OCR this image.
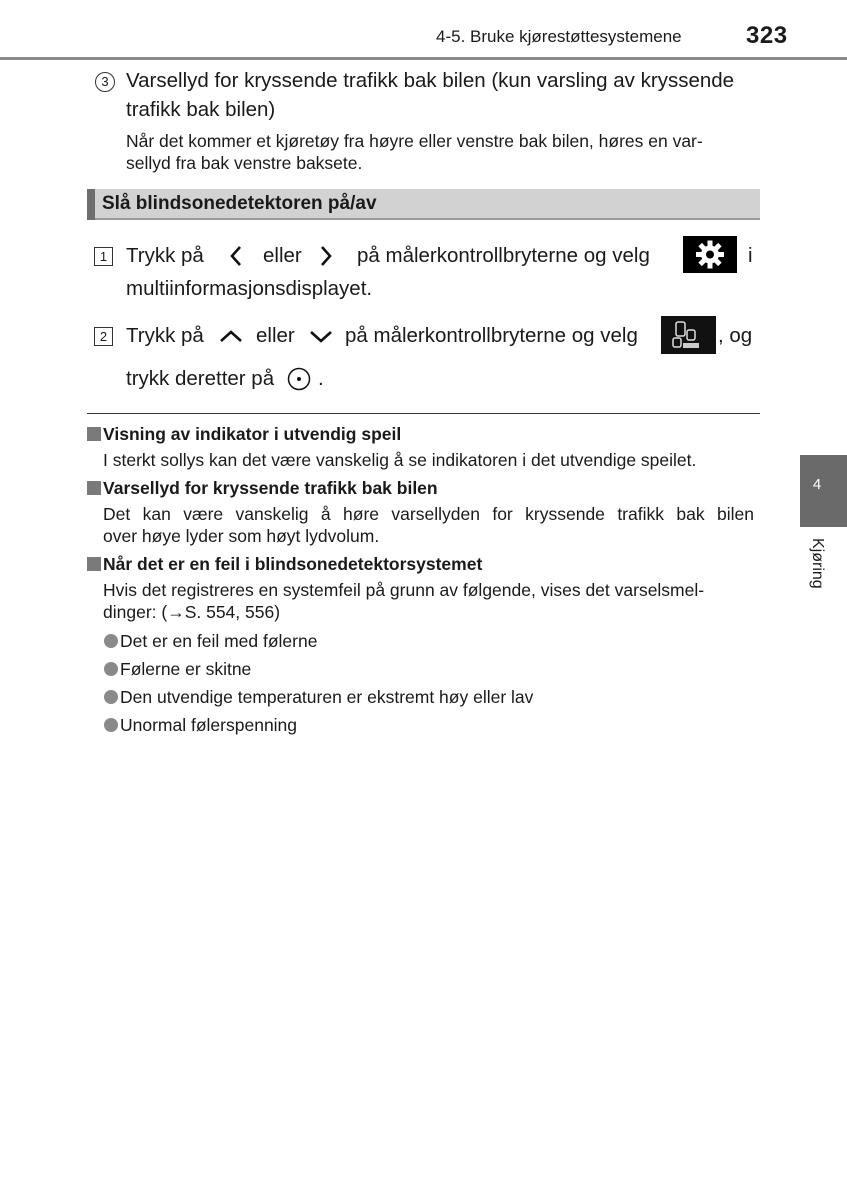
4-5. Bruke kjørestøttesystemene	323
3 Varsellyd for kryssende trafikk bak bilen (kun varsling av kryssende
trafikk bak bilen)
Når det kommer et kjøretøy fra høyre eller venstre bak bilen, høres en var-
sellyd fra bak venstre baksete.
Slå blindsonedetektoren på/av
1 Trykk på	eller	på målerkontrollbryterne og velg	i
multiinformasjonsdisplayet.
2 Trykk på	eller på målerkontrollbryterne og velg	, og
trykk deretter på .
Visning av indikator i utvendig speil
I sterkt sollys kan det være vanskelig å se indikatoren i det utvendige speilet.
Varsellyd for kryssende trafikk bak bilen
Det kan være vanskelig å høre varsellyden for kryssende trafikk bak bilen
over høye lyder som høyt lydvolum.
Når det er en feil i blindsonedetektorsystemet
Hvis det registreres en systemfeil på grunn av følgende, vises det varselsmel-
dinger: (→S. 554, 556)
Det er en feil med følerne
Følerne er skitne
Den utvendige temperaturen er ekstremt høy eller lav
Unormal følerspenning
4
Kjøring
